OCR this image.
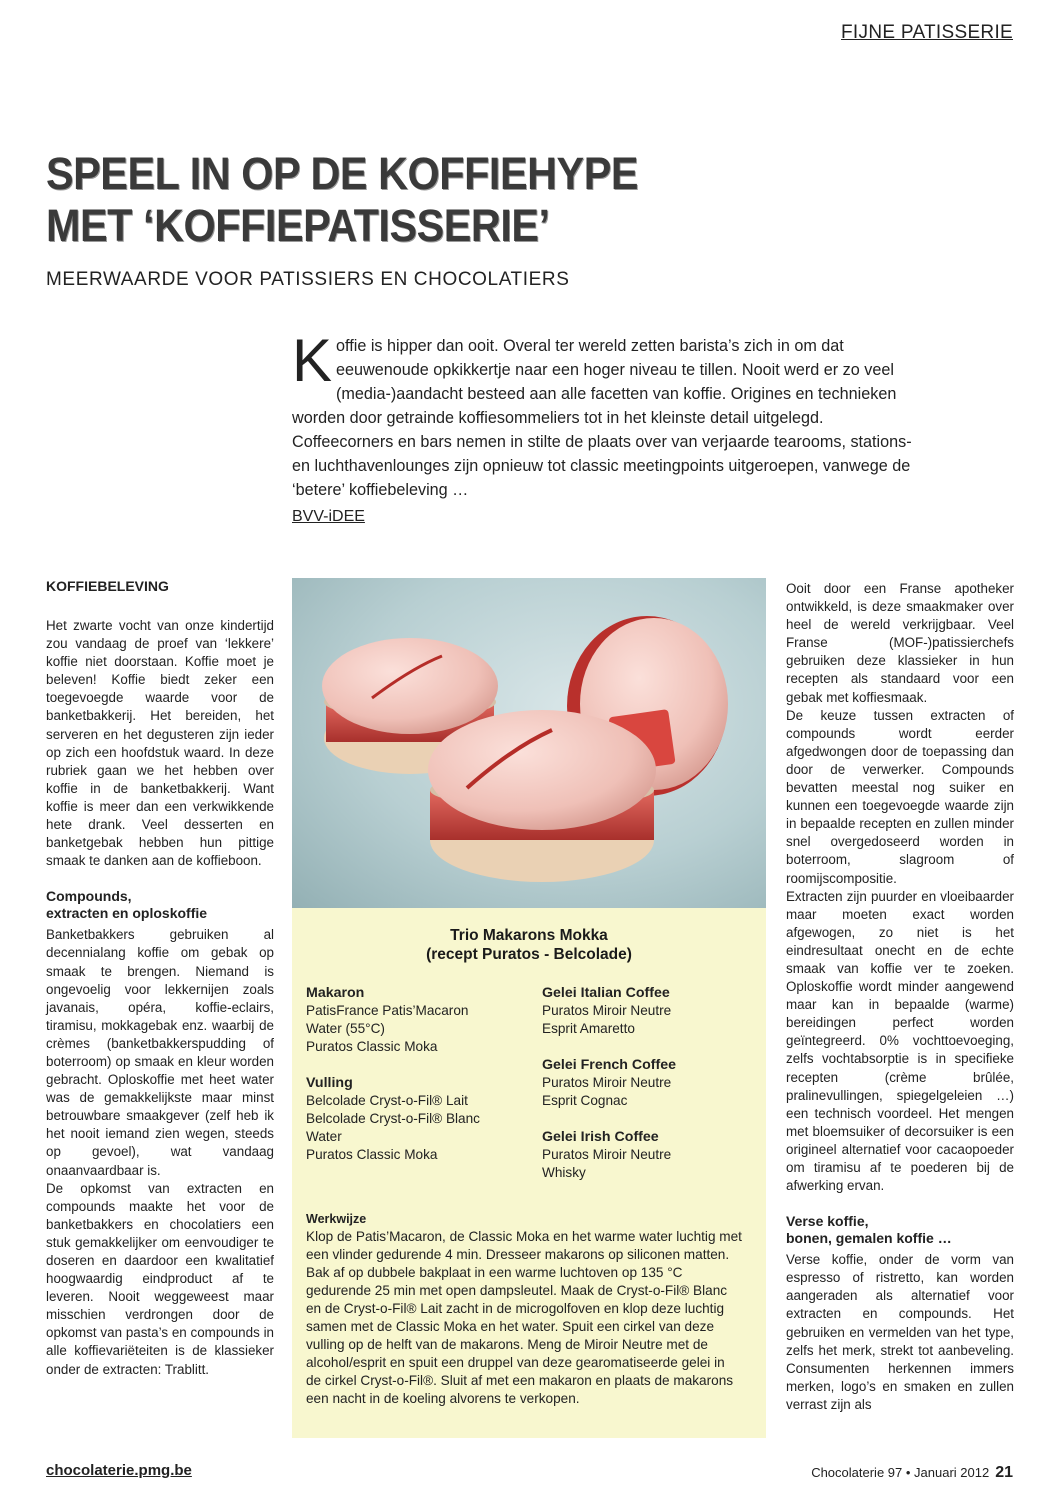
FIJNE PATISSERIE
SPEEL IN OP DE KOFFIEHYPE
MET ‘KOFFIEPATISSERIE’
MEERWAARDE VOOR PATISSIERS EN CHOCOLATIERS
K offie is hipper dan ooit. Overal ter wereld zetten barista’s zich in om dat eeuwenoude opkikkertje naar een hoger niveau te tillen. Nooit werd er zo veel (media-)aandacht besteed aan alle facetten van koffie. Origines en technieken worden door getrainde koffiesommeliers tot in het kleinste detail uitgelegd. Coffeecorners en bars nemen in stilte de plaats over van verjaarde tearooms, stations- en luchthavenlounges zijn opnieuw tot classic meetingpoints uitgeroepen, vanwege de ‘betere’ koffiebeleving …
BVV-iDEE
KOFFIEBELEVING

Het zwarte vocht van onze kindertijd zou vandaag de proef van ‘lekkere’ koffie niet doorstaan. Koffie moet je beleven! Koffie biedt zeker een toegevoegde waarde voor de banketbakkerij. Het bereiden, het serveren en het degusteren zijn ieder op zich een hoofdstuk waard. In deze rubriek gaan we het hebben over koffie in de banketbakkerij. Want koffie is meer dan een verkwikkende hete drank. Veel desserten en banketgebak hebben hun pittige smaak te danken aan de koffieboon.

Compounds,
extracten en oploskoffie

Banketbakkers gebruiken al decennialang koffie om gebak op smaak te brengen. Niemand is ongevoelig voor lekkernijen zoals javanais, opéra, koffie-eclairs, tiramisu, mokkagebak enz. waarbij de crèmes (banketbakkerspudding of boterroom) op smaak en kleur worden gebracht. Oploskoffie met heet water was de gemakkelijkste maar minst betrouwbare smaakgever (zelf heb ik het nooit iemand zien wegen, steeds op gevoel), wat vandaag onaanvaardbaar is.

De opkomst van extracten en compounds maakte het voor de banketbakkers en chocolatiers een stuk gemakkelijker om eenvoudiger te doseren en daardoor een kwalitatief hoogwaardig eindproduct af te leveren. Nooit weggeweest maar misschien verdrongen door de opkomst van pasta’s en compounds in alle koffievariëteiten is de klassieker onder de extracten: Trablitt.

Trio Makarons Mokka
(recept Puratos - Belcolade)
Makaron
PatisFrance Patis’Macaron
Water (55°C)
Puratos Classic Moka
Vulling
Belcolade Cryst-o-Fil® Lait
Belcolade Cryst-o-Fil® Blanc
Water
Puratos Classic Moka
Gelei Italian Coffee
Puratos Miroir Neutre
Esprit Amaretto
Gelei French Coffee
Puratos Miroir Neutre
Esprit Cognac
Gelei Irish Coffee
Puratos Miroir Neutre
Whisky
Werkwijze
Klop de Patis’Macaron, de Classic Moka en het warme water luchtig met een vlinder gedurende 4 min. Dresseer makarons op siliconen matten. Bak af op dubbele bakplaat in een warme luchtoven op 135 °C gedurende 25 min met open dampsleutel. Maak de Cryst-o-Fil® Blanc en de Cryst-o-Fil® Lait zacht in de microgolfoven en klop deze luchtig samen met de Classic Moka en het water. Spuit een cirkel van deze vulling op de helft van de makarons. Meng de Miroir Neutre met de alcohol/esprit en spuit een druppel van deze gearomatiseerde gelei in de cirkel Cryst-o-Fil®. Sluit af met een makaron en plaats de makarons een nacht in de koeling alvorens te verkopen.

Ooit door een Franse apotheker ontwikkeld, is deze smaakmaker over heel de wereld verkrijgbaar. Veel Franse (MOF-)patissierchefs gebruiken deze klassieker in hun recepten als standaard voor een gebak met koffiesmaak.

De keuze tussen extracten of compounds wordt eerder afgedwongen door de toepassing dan door de verwerker. Compounds bevatten meestal nog suiker en kunnen een toegevoegde waarde zijn in bepaalde recepten en zullen minder snel overgedoseerd worden in boterroom, slagroom of roomijscompositie.

Extracten zijn puurder en vloeibaarder maar moeten exact worden afgewogen, zo niet is het eindresultaat onecht en de echte smaak van koffie ver te zoeken. Oploskoffie wordt minder aangewend maar kan in bepaalde (warme) bereidingen perfect worden geïntegreerd. 0% vochttoevoeging, zelfs vochtabsorptie is in specifieke recepten (crème brûlée, pralinevullingen, spiegelgeleien …) een technisch voordeel. Het mengen met bloemsuiker of decorsuiker is een origineel alternatief voor cacaopoeder om tiramisu af te poederen bij de afwerking ervan.

Verse koffie,
bonen, gemalen koffie …

Verse koffie, onder de vorm van espresso of ristretto, kan worden aangeraden als alternatief voor extracten en compounds. Het gebruiken en vermelden van het type, zelfs het merk, strekt tot aanbeveling. Consumenten herkennen immers merken, logo’s en smaken en zullen verrast zijn als

chocolaterie.pmg.be	Chocolaterie 97 • Januari 2012 21
